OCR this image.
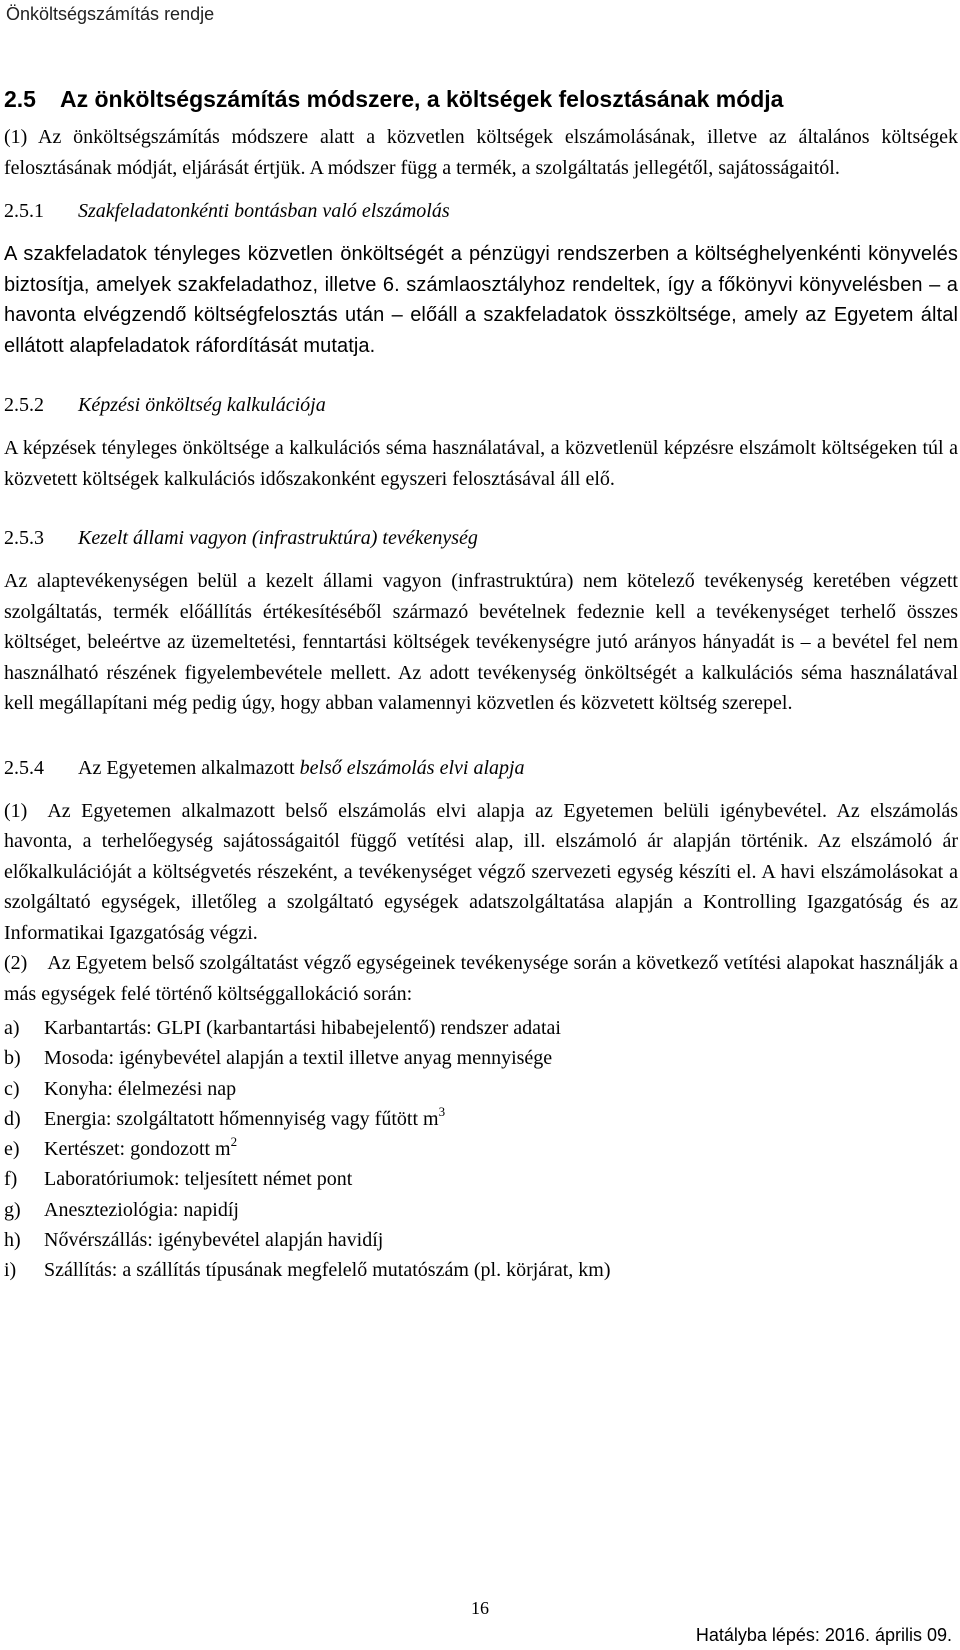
Önköltségszámítás rendje
2.5 Az önköltségszámítás módszere, a költségek felosztásának módja

(1) Az önköltségszámítás módszere alatt a közvetlen költségek elszámolásának, illetve az általános költségek felosztásának módját, eljárását értjük. A módszer függ a termék, a szolgáltatás jellegétől, sajátosságaitól.

2.5.1 Szakfeladatonkénti bontásban való elszámolás

A szakfeladatok tényleges közvetlen önköltségét a pénzügyi rendszerben a költséghelyenkénti könyvelés biztosítja, amelyek szakfeladathoz, illetve 6. számlaosztályhoz rendeltek, így a főkönyvi könyvelésben – a havonta elvégzendő költségfelosztás után – előáll a szakfeladatok összköltsége, amely az Egyetem által ellátott alapfeladatok ráfordítását mutatja.

2.5.2 Képzési önköltség kalkulációja

A képzések tényleges önköltsége a kalkulációs séma használatával, a közvetlenül képzésre elszámolt költségeken túl a közvetett költségek kalkulációs időszakonként egyszeri felosztásával áll elő.

2.5.3 Kezelt állami vagyon (infrastruktúra) tevékenység

Az alaptevékenységen belül a kezelt állami vagyon (infrastruktúra) nem kötelező tevékenység keretében végzett szolgáltatás, termék előállítás értékesítéséből származó bevételnek fedeznie kell a tevékenységet terhelő összes költséget, beleértve az üzemeltetési, fenntartási költségek tevékenységre jutó arányos hányadát is – a bevétel fel nem használható részének figyelembevétele mellett. Az adott tevékenység önköltségét a kalkulációs séma használatával kell megállapítani még pedig úgy, hogy abban valamennyi közvetlen és közvetett költség szerepel.

2.5.4 Az Egyetemen alkalmazott belső elszámolás elvi alapja

(1) Az Egyetemen alkalmazott belső elszámolás elvi alapja az Egyetemen belüli igénybevétel. Az elszámolás havonta, a terhelőegység sajátosságaitól függő vetítési alap, ill. elszámoló ár alapján történik. Az elszámoló ár előkalkulációját a költségvetés részeként, a tevékenységet végző szervezeti egység készíti el. A havi elszámolásokat a szolgáltató egységek, illetőleg a szolgáltató egységek adatszolgáltatása alapján a Kontrolling Igazgatóság és az Informatikai Igazgatóság végzi.

(2) Az Egyetem belső szolgáltatást végző egységeinek tevékenysége során a következő vetítési alapokat használják a más egységek felé történő költséggallokáció során:

a)	Karbantartás: GLPI (karbantartási hibabejelentő) rendszer adatai
b)	Mosoda: igénybevétel alapján a textil illetve anyag mennyisége
c)	Konyha: élelmezési nap
d)	Energia: szolgáltatott hőmennyiség vagy fűtött $m^3$
e)	Kertészet: gondozott $m^2$
f)	Laboratóriumok: teljesített német pont
g)	Aneszteziológia: napidíj
h)	Nővérszállás: igénybevétel alapján havidíj
i)	Szállítás: a szállítás típusának megfelelő mutatószám (pl. körjárat, km)
16
Hatályba lépés: 2016. április 09.
